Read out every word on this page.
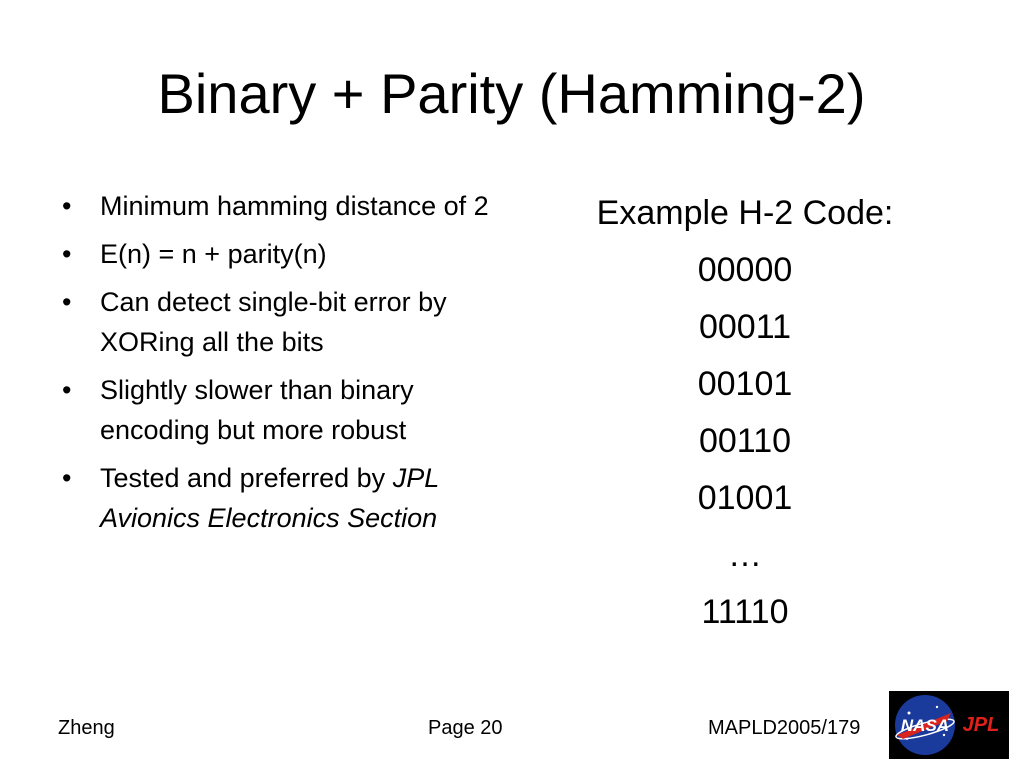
Binary + Parity (Hamming-2)
• Minimum hamming distance of 2
• E(n) = n + parity(n)
• Can detect single-bit error by XORing all the bits
• Slightly slower than binary encoding but more robust
• Tested and preferred by JPL Avionics Electronics Section
Example H-2 Code:
00000
00011
00101
00110
01001
…
11110
Zheng	Page 20	MAPLD2005/179 NASA JPL
